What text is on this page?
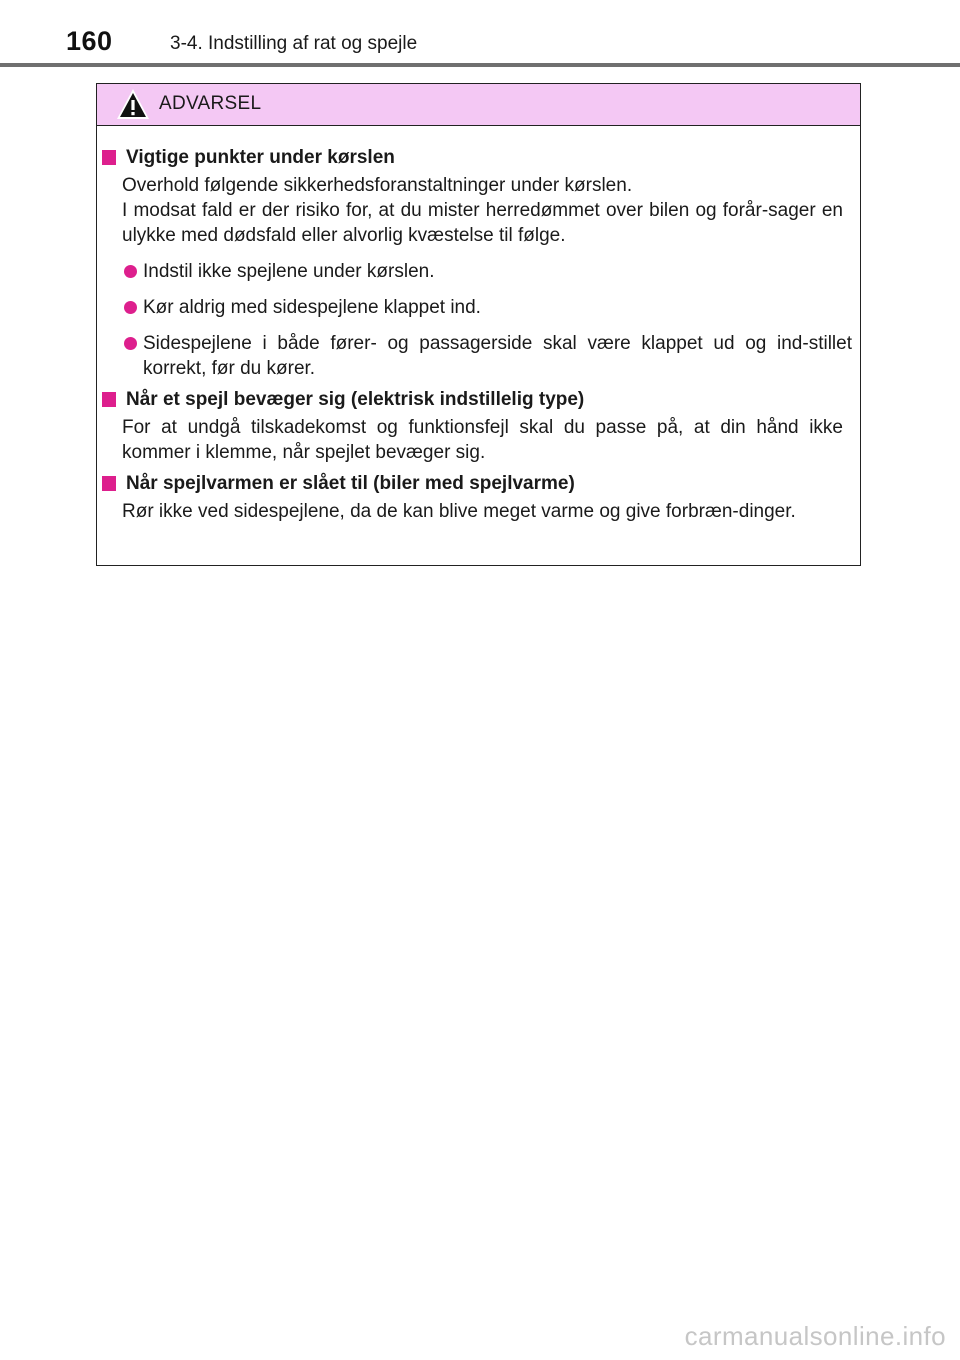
160	3-4. Indstilling af rat og spejle
ADVARSEL
Vigtige punkter under kørslen
Overhold følgende sikkerhedsforanstaltninger under kørslen.
I modsat fald er der risiko for, at du mister herredømmet over bilen og forår-sager en ulykke med dødsfald eller alvorlig kvæstelse til følge.
Indstil ikke spejlene under kørslen.
Kør aldrig med sidespejlene klappet ind.
Sidespejlene i både fører- og passagerside skal være klappet ud og ind-stillet korrekt, før du kører.
Når et spejl bevæger sig (elektrisk indstillelig type)
For at undgå tilskadekomst og funktionsfejl skal du passe på, at din hånd ikke kommer i klemme, når spejlet bevæger sig.
Når spejlvarmen er slået til (biler med spejlvarme)
Rør ikke ved sidespejlene, da de kan blive meget varme og give forbræn-dinger.
carmanualsonline.info
